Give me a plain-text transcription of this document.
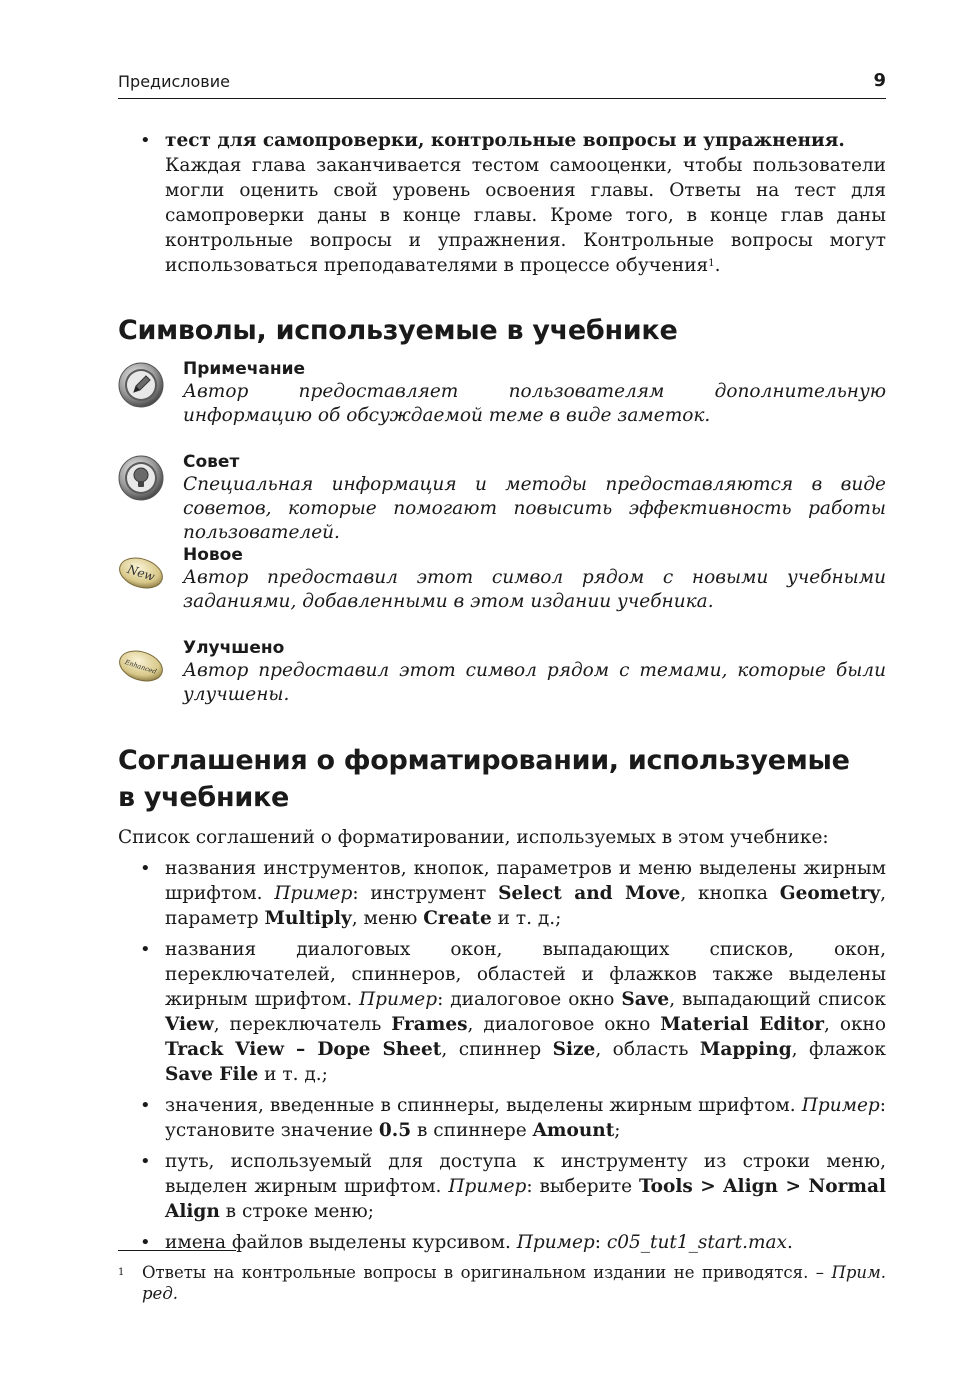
Предисловие	9

• тест для самопроверки, контрольные вопросы и упражнения.
Каждая глава заканчивается тестом самооценки, чтобы пользователи могли оценить свой уровень освоения главы. Ответы на тест для самопроверки даны в конце главы. Кроме того, в конце глав даны контрольные вопросы и упражнения. Контрольные вопросы могут использоваться преподавателями в процессе обучения$^1$.

Символы, используемые в учебнике
Примечание
Автор предоставляет пользователям дополнительную информацию об обсуждаемой теме в виде заметок.
Совет
Специальная информация и методы предоставляются в виде советов, которые помогают повысить эффективность работы пользователей.
New
Новое
Автор предоставил этот символ рядом с новыми учебными заданиями, добавленными в этом издании учебника.
Enhanced
Улучшено
Автор предоставил этот символ рядом с темами, которые были улучшены.
Соглашения о форматировании, используемые
в учебнике

Список соглашений о форматировании, используемых в этом учебнике:

• названия инструментов, кнопок, параметров и меню выделены жирным шрифтом. Пример: инструмент Select and Move, кнопка Geometry, параметр Multiply, меню Create и т. д.;

• названия диалоговых окон, выпадающих списков, окон, переключателей, спиннеров, областей и флажков также выделены жирным шрифтом. Пример: диалоговое окно Save, выпадающий список View, переключатель Frames, диалоговое окно Material Editor, окно Track View – Dope Sheet, спиннер Size, область Mapping, флажок Save File и т. д.;

• значения, введенные в спиннеры, выделены жирным шрифтом. Пример: установите значение 0.5 в спиннере Amount;

• путь, используемый для доступа к инструменту из строки меню, выделен жирным шрифтом. Пример: выберите Tools > Align > Normal Align в строке меню;

• имена файлов выделены курсивом. Пример: c05_tut1_start.max.

1	Ответы на контрольные вопросы в оригинальном издании не приводятся. – Прим. ред.
